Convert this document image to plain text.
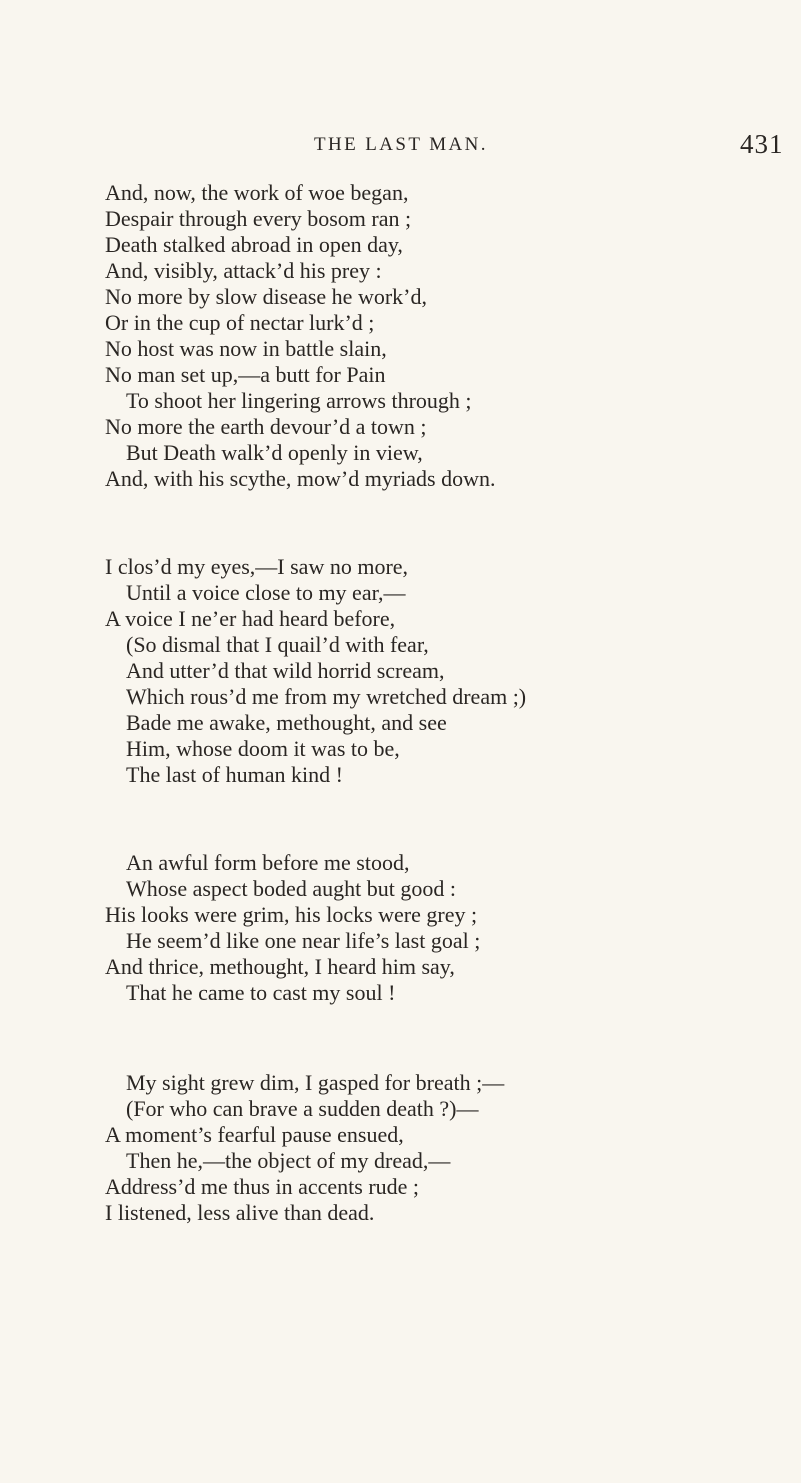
THE LAST MAN.	431
And, now, the work of woe began,
Despair through every bosom ran ;
Death stalked abroad in open day,
And, visibly, attack’d his prey :
No more by slow disease he work’d,
Or in the cup of nectar lurk’d ;
No host was now in battle slain,
No man set up,—a butt for Pain
To shoot her lingering arrows through ;
No more the earth devour’d a town ;
But Death walk’d openly in view,
And, with his scythe, mow’d myriads down.
I clos’d my eyes,—I saw no more,
Until a voice close to my ear,—
A voice I ne’er had heard before,
(So dismal that I quail’d with fear,
And utter’d that wild horrid scream,
Which rous’d me from my wretched dream ;)
Bade me awake, methought, and see
Him, whose doom it was to be,
The last of human kind !
An awful form before me stood,
Whose aspect boded aught but good :
His looks were grim, his locks were grey ;
He seem’d like one near life’s last goal ;
And thrice, methought, I heard him say,
That he came to cast my soul !
My sight grew dim, I gasped for breath ;—
(For who can brave a sudden death ?)—
A moment’s fearful pause ensued,
Then he,—the object of my dread,—
Address’d me thus in accents rude ;
I listened, less alive than dead.
